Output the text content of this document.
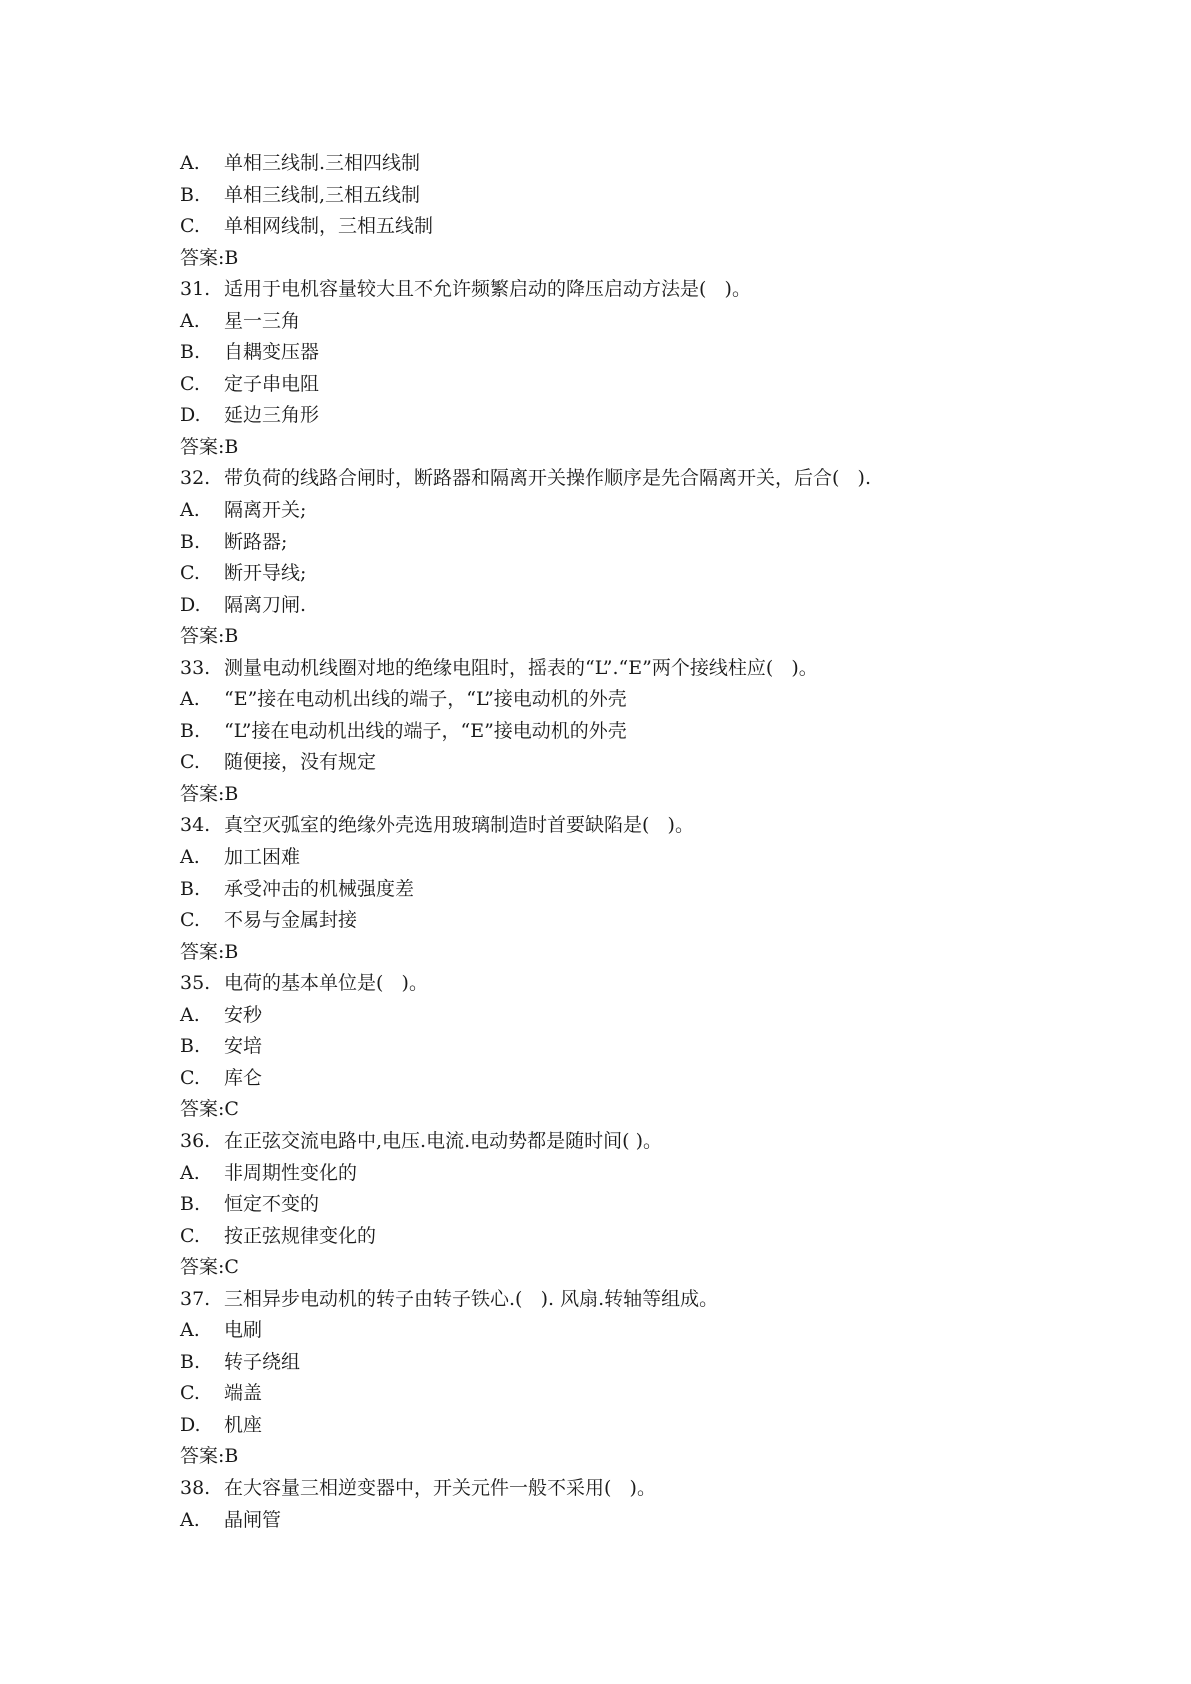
A.	单相三线制.三相四线制
B.	单相三线制,三相五线制
C.	单相网线制，三相五线制
答案:B
31. 适用于电机容量较大且不允许频繁启动的降压启动方法是(   )。
A.	星一三角
B.	自耦变压器
C.	定子串电阻
D.	延边三角形
答案:B
32. 带负荷的线路合闸时，断路器和隔离开关操作顺序是先合隔离开关，后合(   ).
A.	隔离开关;
B.	断路器;
C.	断开导线;
D.	隔离刀闸.
答案:B
33. 测量电动机线圈对地的绝缘电阻时，摇表的“L”.“E”两个接线柱应(   )。
A.	“E”接在电动机出线的端子，“L”接电动机的外壳
B.	“L”接在电动机出线的端子，“E”接电动机的外壳
C.	随便接，没有规定
答案:B
34. 真空灭弧室的绝缘外壳选用玻璃制造时首要缺陷是(   )。
A.	加工困难
B.	承受冲击的机械强度差
C.	不易与金属封接
答案:B
35. 电荷的基本单位是(   )。
A.	安秒
B.	安培
C.	库仑
答案:C
36. 在正弦交流电路中,电压.电流.电动势都是随时间( )。
A.	非周期性变化的
B.	恒定不变的
C.	按正弦规律变化的
答案:C
37. 三相异步电动机的转子由转子铁心.(   ). 风扇.转轴等组成。
A.	电刷
B.	转子绕组
C.	端盖
D.	机座
答案:B
38. 在大容量三相逆变器中，开关元件一般不采用(   )。
A.	晶闸管
